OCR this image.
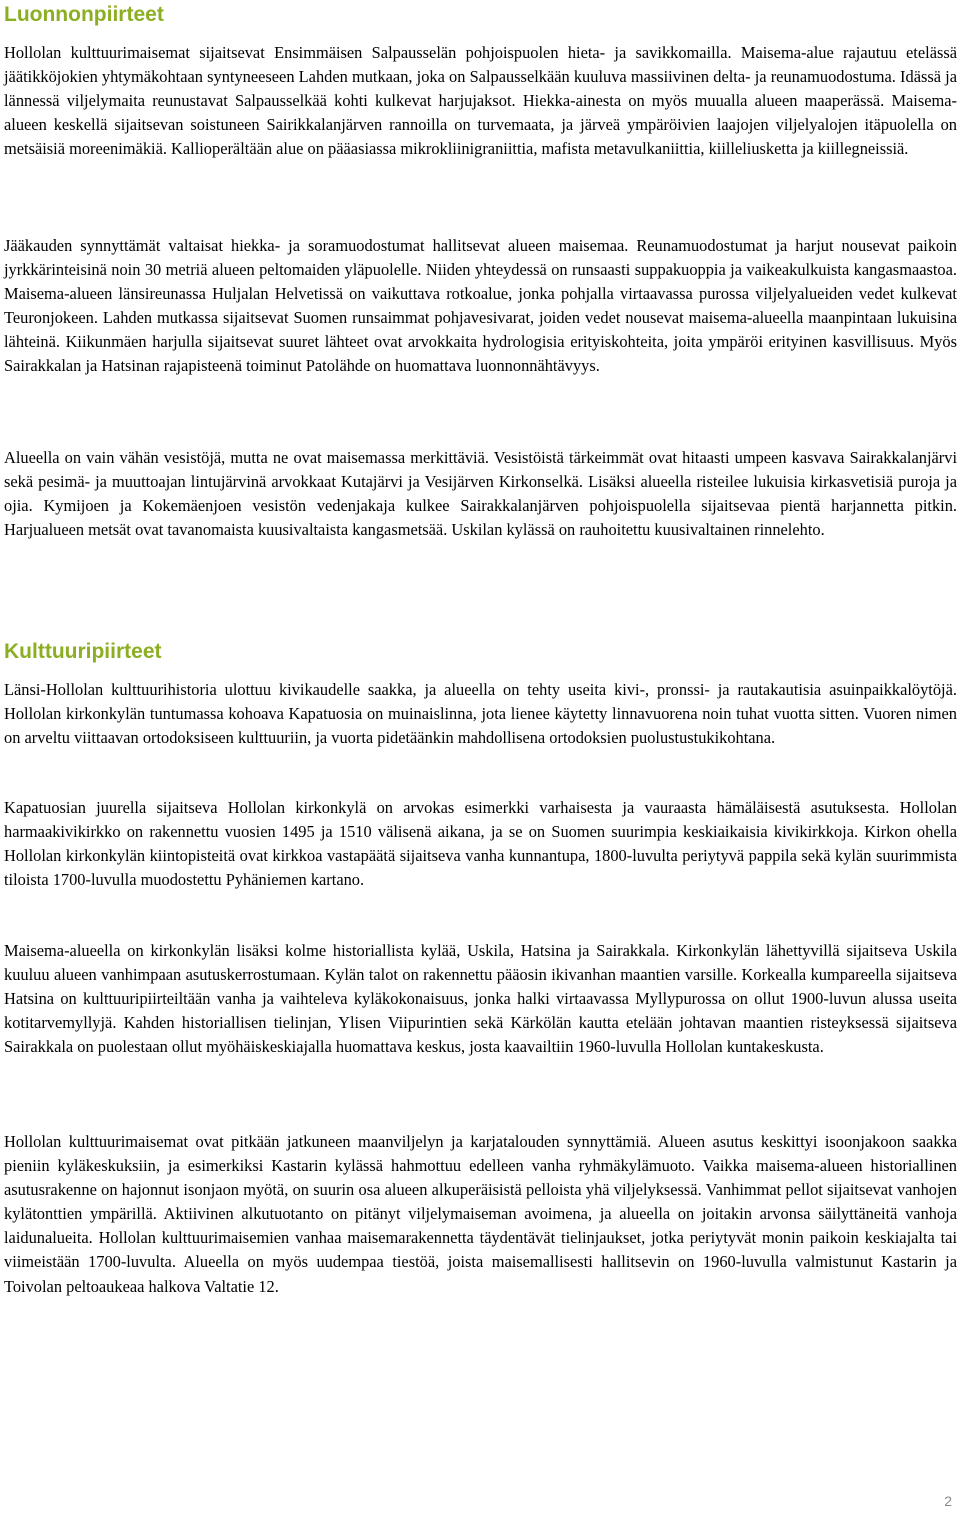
Luonnonpiirteet

Hollolan kulttuurimaisemat sijaitsevat Ensimmäisen Salpausselän pohjoispuolen hieta- ja savikkomailla. Maisema-alue rajautuu etelässä jäätikköjokien yhtymäkohtaan syntyneeseen Lahden mutkaan, joka on Salpausselkään kuuluva massiivinen delta- ja reunamuodostuma. Idässä ja lännessä viljelymaita reunustavat Salpausselkää kohti kulkevat harjujaksot. Hiekka-ainesta on myös muualla alueen maaperässä. Maisema-alueen keskellä sijaitsevan soistuneen Sairikkalanjärven rannoilla on turvemaata, ja järveä ympäröivien laajojen viljelyalojen itäpuolella on metsäisiä moreenimäkiä. Kallioperältään alue on pääasiassa mikrokliinigraniittia, mafista metavulkaniittia, kiilleliusketta ja kiillegneissiä.

Jääkauden synnyttämät valtaisat hiekka- ja soramuodostumat hallitsevat alueen maisemaa. Reunamuodostumat ja harjut nousevat paikoin jyrkkärinteisinä noin 30 metriä alueen peltomaiden yläpuolelle. Niiden yhteydessä on runsaasti suppakuoppia ja vaikeakulkuista kangasmaastoa. Maisema-alueen länsireunassa Huljalan Helvetissä on vaikuttava rotkoalue, jonka pohjalla virtaavassa purossa viljelyalueiden vedet kulkevat Teuronjokeen. Lahden mutkassa sijaitsevat Suomen runsaimmat pohjavesivarat, joiden vedet nousevat maisema-alueella maanpintaan lukuisina lähteinä. Kiikunmäen harjulla sijaitsevat suuret lähteet ovat arvokkaita hydrologisia erityiskohteita, joita ympäröi erityinen kasvillisuus. Myös Sairakkalan ja Hatsinan rajapisteenä toiminut Patolähde on huomattava luonnonnähtävyys.

Alueella on vain vähän vesistöjä, mutta ne ovat maisemassa merkittäviä. Vesistöistä tärkeimmät ovat hitaasti umpeen kasvava Sairakkalanjärvi sekä pesimä- ja muuttoajan lintujärvinä arvokkaat Kutajärvi ja Vesijärven Kirkonselkä. Lisäksi alueella risteilee lukuisia kirkasvetisiä puroja ja ojia. Kymijoen ja Kokemäenjoen vesistön vedenjakaja kulkee Sairakkalanjärven pohjoispuolella sijaitsevaa pientä harjannetta pitkin. Harjualueen metsät ovat tavanomaista kuusivaltaista kangasmetsää. Uskilan kylässä on rauhoitettu kuusivaltainen rinnelehto.

Kulttuuripiirteet

Länsi-Hollolan kulttuurihistoria ulottuu kivikaudelle saakka, ja alueella on tehty useita kivi-, pronssi- ja rautakautisia asuinpaikkalöytöjä. Hollolan kirkonkylän tuntumassa kohoava Kapatuosia on muinaislinna, jota lienee käytetty linnavuorena noin tuhat vuotta sitten. Vuoren nimen on arveltu viittaavan ortodoksiseen kulttuuriin, ja vuorta pidetäänkin mahdollisena ortodoksien puolustustukikohtana.

Kapatuosian juurella sijaitseva Hollolan kirkonkylä on arvokas esimerkki varhaisesta ja vauraasta hämäläisestä asutuksesta. Hollolan harmaakivikirkko on rakennettu vuosien 1495 ja 1510 välisenä aikana, ja se on Suomen suurimpia keskiaikaisia kivikirkkoja. Kirkon ohella Hollolan kirkonkylän kiintopisteitä ovat kirkkoa vastapäätä sijaitseva vanha kunnantupa, 1800-luvulta periytyvä pappila sekä kylän suurimmista tiloista 1700-luvulla muodostettu Pyhäniemen kartano.

Maisema-alueella on kirkonkylän lisäksi kolme historiallista kylää, Uskila, Hatsina ja Sairakkala. Kirkonkylän lähettyvillä sijaitseva Uskila kuuluu alueen vanhimpaan asutuskerrostumaan. Kylän talot on rakennettu pääosin ikivanhan maantien varsille. Korkealla kumpareella sijaitseva Hatsina on kulttuuripiirteiltään vanha ja vaihteleva kyläkokonaisuus, jonka halki virtaavassa Myllypurossa on ollut 1900-luvun alussa useita kotitarvemyllyjä. Kahden historiallisen tielinjan, Ylisen Viipurintien sekä Kärkölän kautta etelään johtavan maantien risteyksessä sijaitseva Sairakkala on puolestaan ollut myöhäiskeskiajalla huomattava keskus, josta kaavailtiin 1960-luvulla Hollolan kuntakeskusta.

Hollolan kulttuurimaisemat ovat pitkään jatkuneen maanviljelyn ja karjatalouden synnyttämiä. Alueen asutus keskittyi isoonjakoon saakka pieniin kyläkeskuksiin, ja esimerkiksi Kastarin kylässä hahmottuu edelleen vanha ryhmäkylämuoto. Vaikka maisema-alueen historiallinen asutusrakenne on hajonnut isonjaon myötä, on suurin osa alueen alkuperäisistä pelloista yhä viljelyksessä. Vanhimmat pellot sijaitsevat vanhojen kylätonttien ympärillä. Aktiivinen alkutuotanto on pitänyt viljelymaiseman avoimena, ja alueella on joitakin arvonsa säilyttäneitä vanhoja laidunalueita. Hollolan kulttuurimaisemien vanhaa maisemarakennetta täydentävät tielinjaukset, jotka periytyvät monin paikoin keskiajalta tai viimeistään 1700-luvulta. Alueella on myös uudempaa tiestöä, joista maisemallisesti hallitsevin on 1960-luvulla valmistunut Kastarin ja Toivolan peltoaukeaa halkova Valtatie 12.

2
